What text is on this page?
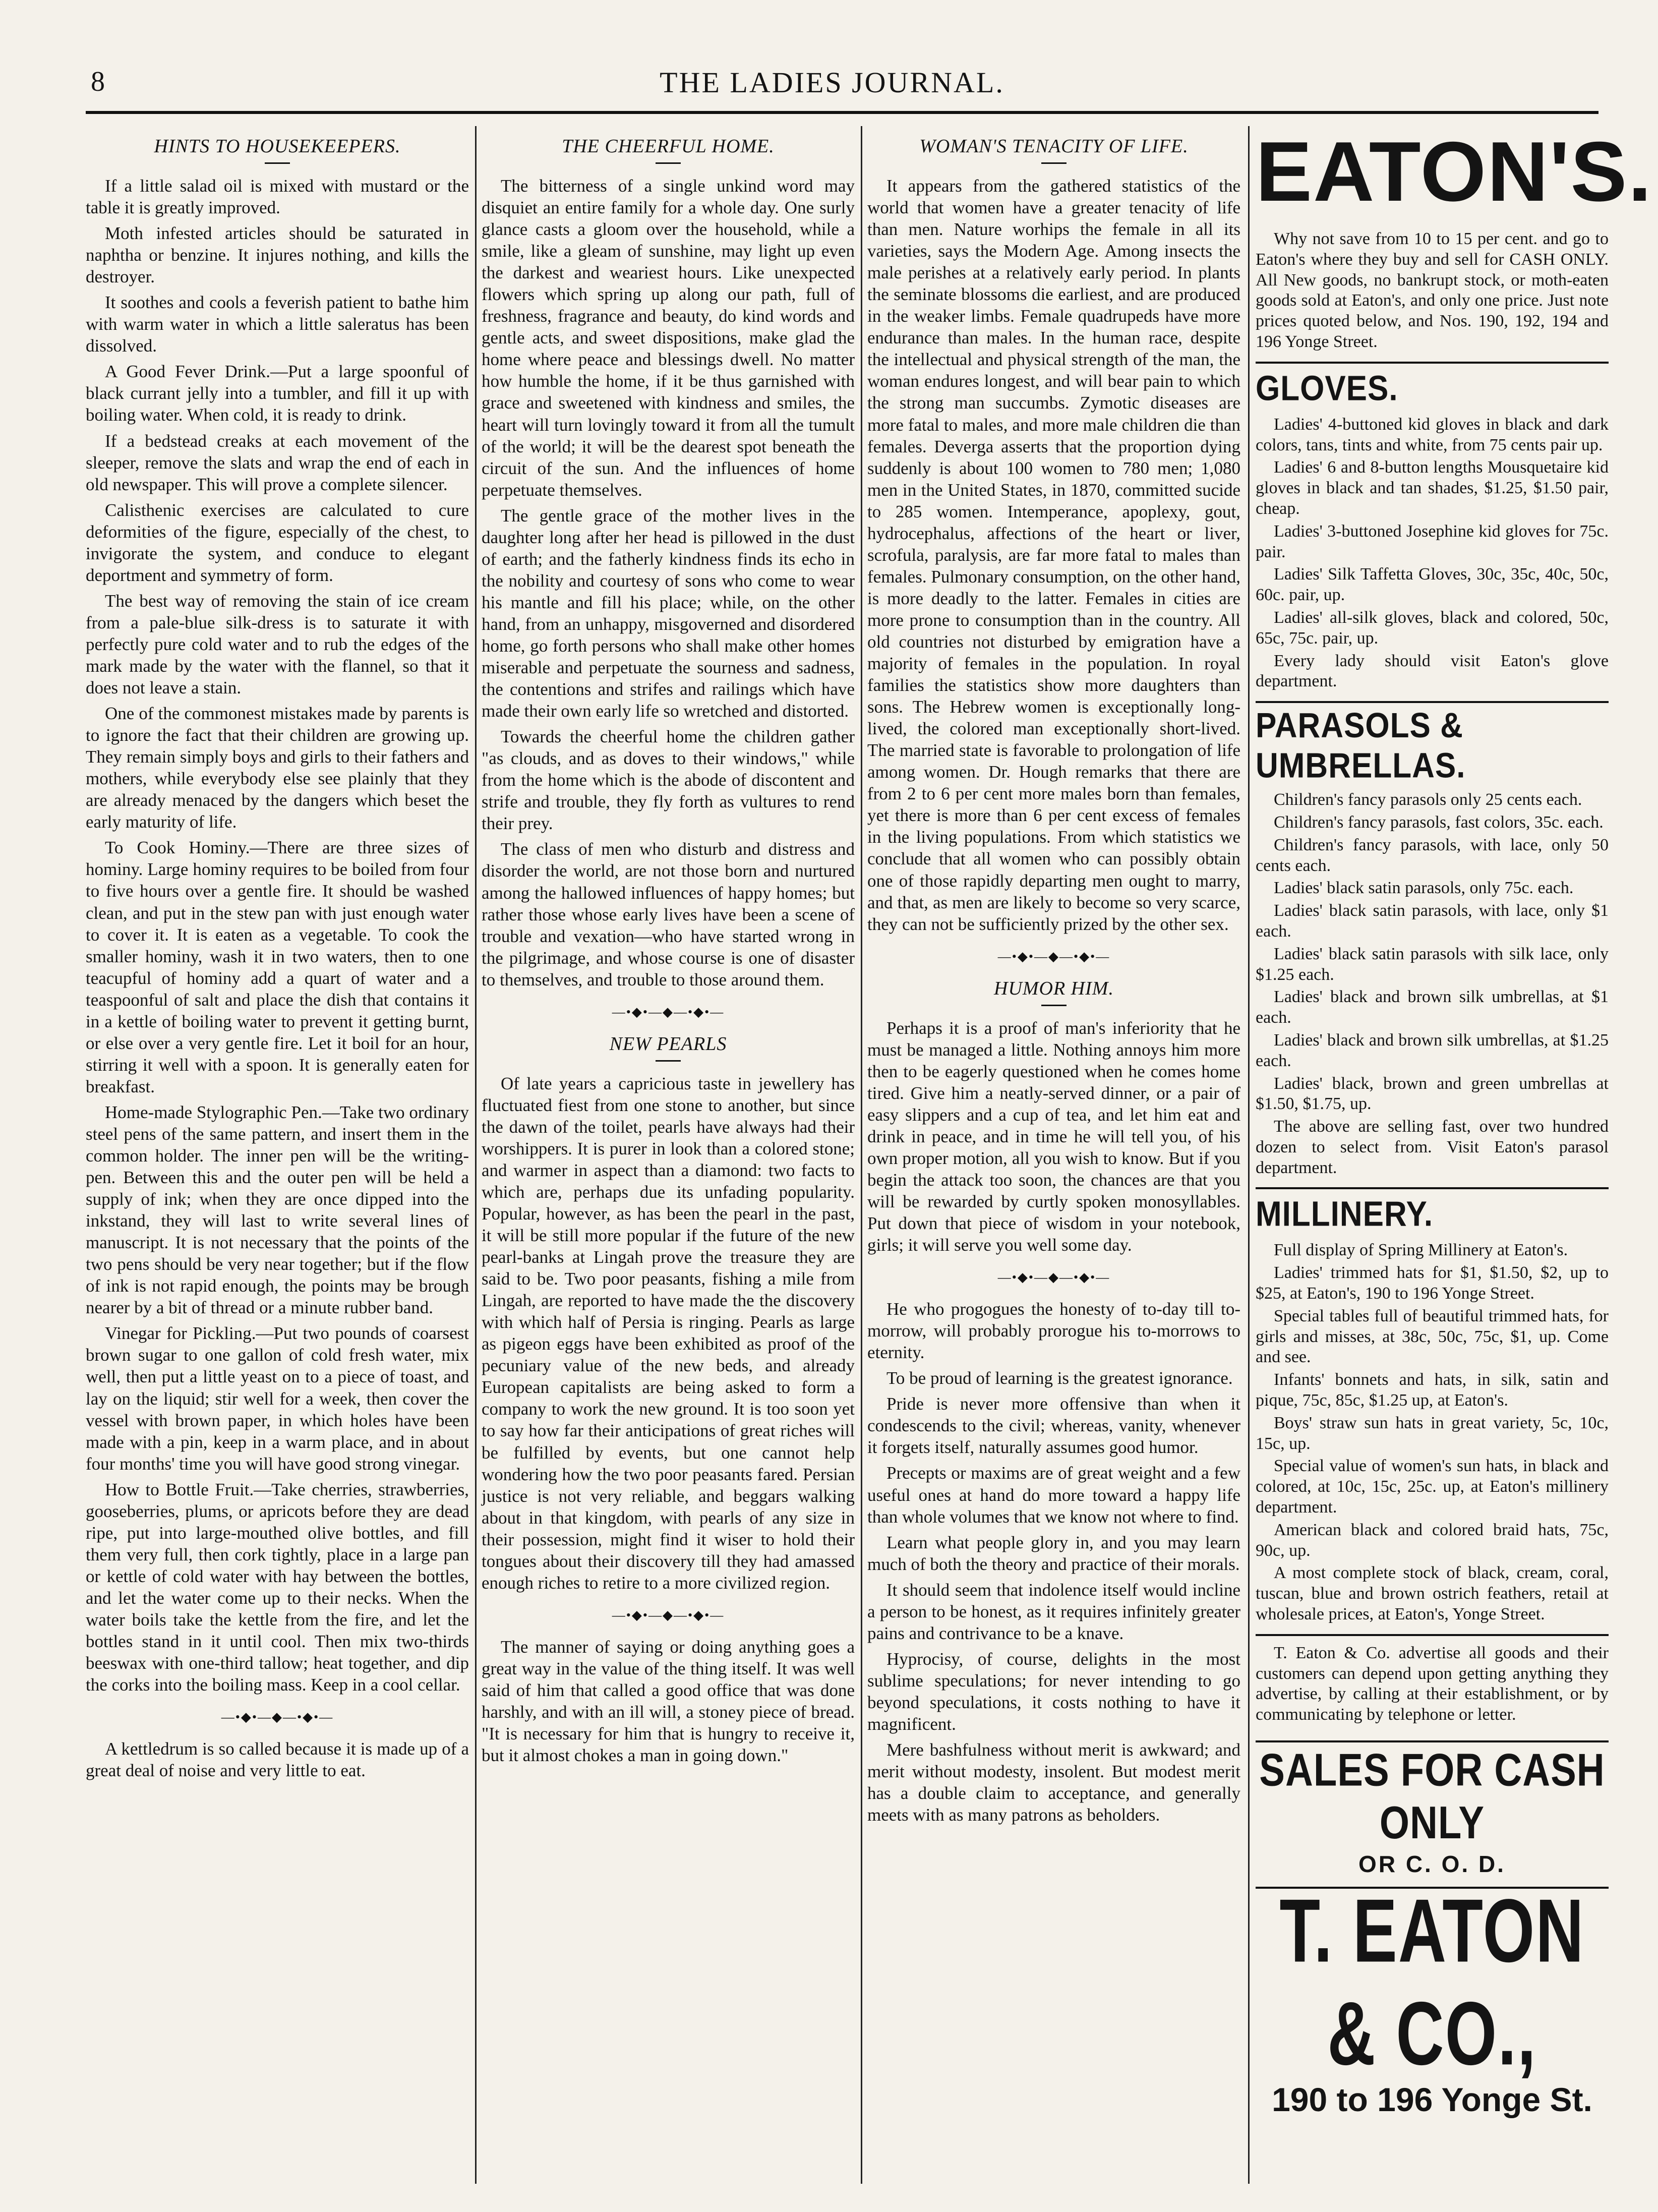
8	THE LADIES JOURNAL.
HINTS TO HOUSEKEEPERS.

If a little salad oil is mixed with mustard or the table it is greatly improved.

Moth infested articles should be saturated in naphtha or benzine. It injures nothing, and kills the destroyer.

It soothes and cools a feverish patient to bathe him with warm water in which a little saleratus has been dissolved.

A Good Fever Drink.—Put a large spoonful of black currant jelly into a tumbler, and fill it up with boiling water. When cold, it is ready to drink.

If a bedstead creaks at each movement of the sleeper, remove the slats and wrap the end of each in old newspaper. This will prove a complete silencer.

Calisthenic exercises are calculated to cure deformities of the figure, especially of the chest, to invigorate the system, and conduce to elegant deportment and symmetry of form.

The best way of removing the stain of ice cream from a pale-blue silk-dress is to saturate it with perfectly pure cold water and to rub the edges of the mark made by the water with the flannel, so that it does not leave a stain.

One of the commonest mistakes made by parents is to ignore the fact that their children are growing up. They remain simply boys and girls to their fathers and mothers, while everybody else see plainly that they are already menaced by the dangers which beset the early maturity of life.

To Cook Hominy.—There are three sizes of hominy. Large hominy requires to be boiled from four to five hours over a gentle fire. It should be washed clean, and put in the stew pan with just enough water to cover it. It is eaten as a vegetable. To cook the smaller hominy, wash it in two waters, then to one teacupful of hominy add a quart of water and a teaspoonful of salt and place the dish that contains it in a kettle of boiling water to prevent it getting burnt, or else over a very gentle fire. Let it boil for an hour, stirring it well with a spoon. It is generally eaten for breakfast.

Home-made Stylographic Pen.—Take two ordinary steel pens of the same pattern, and insert them in the common holder. The inner pen will be the writing-pen. Between this and the outer pen will be held a supply of ink; when they are once dipped into the inkstand, they will last to write several lines of manuscript. It is not necessary that the points of the two pens should be very near together; but if the flow of ink is not rapid enough, the points may be brough nearer by a bit of thread or a minute rubber band.

Vinegar for Pickling.—Put two pounds of coarsest brown sugar to one gallon of cold fresh water, mix well, then put a little yeast on to a piece of toast, and lay on the liquid; stir well for a week, then cover the vessel with brown paper, in which holes have been made with a pin, keep in a warm place, and in about four months' time you will have good strong vinegar.

How to Bottle Fruit.—Take cherries, strawberries, gooseberries, plums, or apricots before they are dead ripe, put into large-mouthed olive bottles, and fill them very full, then cork tightly, place in a large pan or kettle of cold water with hay between the bottles, and let the water come up to their necks. When the water boils take the kettle from the fire, and let the bottles stand in it until cool. Then mix two-thirds beeswax with one-third tallow; heat together, and dip the corks into the boiling mass. Keep in a cool cellar.

—•◆•—◆—•◆•—

A kettledrum is so called because it is made up of a great deal of noise and very little to eat.

THE CHEERFUL HOME.

The bitterness of a single unkind word may disquiet an entire family for a whole day. One surly glance casts a gloom over the household, while a smile, like a gleam of sunshine, may light up even the darkest and weariest hours. Like unexpected flowers which spring up along our path, full of freshness, fragrance and beauty, do kind words and gentle acts, and sweet dispositions, make glad the home where peace and blessings dwell. No matter how humble the home, if it be thus garnished with grace and sweetened with kindness and smiles, the heart will turn lovingly toward it from all the tumult of the world; it will be the dearest spot beneath the circuit of the sun. And the influences of home perpetuate themselves.

The gentle grace of the mother lives in the daughter long after her head is pillowed in the dust of earth; and the fatherly kindness finds its echo in the nobility and courtesy of sons who come to wear his mantle and fill his place; while, on the other hand, from an unhappy, misgoverned and disordered home, go forth persons who shall make other homes miserable and perpetuate the sourness and sadness, the contentions and strifes and railings which have made their own early life so wretched and distorted.

Towards the cheerful home the children gather "as clouds, and as doves to their windows," while from the home which is the abode of discontent and strife and trouble, they fly forth as vultures to rend their prey.

The class of men who disturb and distress and disorder the world, are not those born and nurtured among the hallowed influences of happy homes; but rather those whose early lives have been a scene of trouble and vexation—who have started wrong in the pilgrimage, and whose course is one of disaster to themselves, and trouble to those around them.

—•◆•—◆—•◆•—
NEW PEARLS

Of late years a capricious taste in jewellery has fluctuated fiest from one stone to another, but since the dawn of the toilet, pearls have always had their worshippers. It is purer in look than a colored stone; and warmer in aspect than a diamond: two facts to which are, perhaps due its unfading popularity. Popular, however, as has been the pearl in the past, it will be still more popular if the future of the new pearl-banks at Lingah prove the treasure they are said to be. Two poor peasants, fishing a mile from Lingah, are reported to have made the the discovery with which half of Persia is ringing. Pearls as large as pigeon eggs have been exhibited as proof of the pecuniary value of the new beds, and already European capitalists are being asked to form a company to work the new ground. It is too soon yet to say how far their anticipations of great riches will be fulfilled by events, but one cannot help wondering how the two poor peasants fared. Persian justice is not very reliable, and beggars walking about in that kingdom, with pearls of any size in their possession, might find it wiser to hold their tongues about their discovery till they had amassed enough riches to retire to a more civilized region.

—•◆•—◆—•◆•—

The manner of saying or doing anything goes a great way in the value of the thing itself. It was well said of him that called a good office that was done harshly, and with an ill will, a stoney piece of bread. "It is necessary for him that is hungry to receive it, but it almost chokes a man in going down."

WOMAN'S TENACITY OF LIFE.

It appears from the gathered statistics of the world that women have a greater tenacity of life than men. Nature worhips the female in all its varieties, says the Modern Age. Among insects the male perishes at a relatively early period. In plants the seminate blossoms die earliest, and are produced in the weaker limbs. Female quadrupeds have more endurance than males. In the human race, despite the intellectual and physical strength of the man, the woman endures longest, and will bear pain to which the strong man succumbs. Zymotic diseases are more fatal to males, and more male children die than females. Deverga asserts that the proportion dying suddenly is about 100 women to 780 men; 1,080 men in the United States, in 1870, committed sucide to 285 women. Intemperance, apoplexy, gout, hydrocephalus, affections of the heart or liver, scrofula, paralysis, are far more fatal to males than females. Pulmonary consumption, on the other hand, is more deadly to the latter. Females in cities are more prone to consumption than in the country. All old countries not disturbed by emigration have a majority of females in the population. In royal families the statistics show more daughters than sons. The Hebrew women is exceptionally long-lived, the colored man exceptionally short-lived. The married state is favorable to prolongation of life among women. Dr. Hough remarks that there are from 2 to 6 per cent more males born than females, yet there is more than 6 per cent excess of females in the living populations. From which statistics we conclude that all women who can possibly obtain one of those rapidly departing men ought to marry, and that, as men are likely to become so very scarce, they can not be sufficiently prized by the other sex.

—•◆•—◆—•◆•—
HUMOR HIM.

Perhaps it is a proof of man's inferiority that he must be managed a little. Nothing annoys him more then to be eagerly questioned when he comes home tired. Give him a neatly-served dinner, or a pair of easy slippers and a cup of tea, and let him eat and drink in peace, and in time he will tell you, of his own proper motion, all you wish to know. But if you begin the attack too soon, the chances are that you will be rewarded by curtly spoken monosyllables. Put down that piece of wisdom in your notebook, girls; it will serve you well some day.

—•◆•—◆—•◆•—

He who progogues the honesty of to-day till to-morrow, will probably prorogue his to-morrows to eternity.

To be proud of learning is the greatest ignorance.

Pride is never more offensive than when it condescends to the civil; whereas, vanity, whenever it forgets itself, naturally assumes good humor.

Precepts or maxims are of great weight and a few useful ones at hand do more toward a happy life than whole volumes that we know not where to find.

Learn what people glory in, and you may learn much of both the theory and practice of their morals.

It should seem that indolence itself would incline a person to be honest, as it requires infinitely greater pains and contrivance to be a knave.

Hyprocisy, of course, delights in the most sublime speculations; for never intending to go beyond speculations, it costs nothing to have it magnificent.

Mere bashfulness without merit is awkward; and merit without modesty, insolent. But modest merit has a double claim to acceptance, and generally meets with as many patrons as beholders.

EATON'S.

Why not save from 10 to 15 per cent. and go to Eaton's where they buy and sell for CASH ONLY. All New goods, no bankrupt stock, or moth-eaten goods sold at Eaton's, and only one price. Just note prices quoted below, and Nos. 190, 192, 194 and 196 Yonge Street.

GLOVES.

Ladies' 4-buttoned kid gloves in black and dark colors, tans, tints and white, from 75 cents pair up.

Ladies' 6 and 8-button lengths Mousquetaire kid gloves in black and tan shades, $1.25, $1.50 pair, cheap.

Ladies' 3-buttoned Josephine kid gloves for 75c. pair.

Ladies' Silk Taffetta Gloves, 30c, 35c, 40c, 50c, 60c. pair, up.

Ladies' all-silk gloves, black and colored, 50c, 65c, 75c. pair, up.

Every lady should visit Eaton's glove department.

PARASOLS & UMBRELLAS.

Children's fancy parasols only 25 cents each.

Children's fancy parasols, fast colors, 35c. each.

Children's fancy parasols, with lace, only 50 cents each.

Ladies' black satin parasols, only 75c. each.

Ladies' black satin parasols, with lace, only $1 each.

Ladies' black satin parasols with silk lace, only $1.25 each.

Ladies' black and brown silk umbrellas, at $1 each.

Ladies' black and brown silk umbrellas, at $1.25 each.

Ladies' black, brown and green umbrellas at $1.50, $1.75, up.

The above are selling fast, over two hundred dozen to select from. Visit Eaton's parasol department.

MILLINERY.

Full display of Spring Millinery at Eaton's.

Ladies' trimmed hats for $1, $1.50, $2, up to $25, at Eaton's, 190 to 196 Yonge Street.

Special tables full of beautiful trimmed hats, for girls and misses, at 38c, 50c, 75c, $1, up. Come and see.

Infants' bonnets and hats, in silk, satin and pique, 75c, 85c, $1.25 up, at Eaton's.

Boys' straw sun hats in great variety, 5c, 10c, 15c, up.

Special value of women's sun hats, in black and colored, at 10c, 15c, 25c. up, at Eaton's millinery department.

American black and colored braid hats, 75c, 90c, up.

A most complete stock of black, cream, coral, tuscan, blue and brown ostrich feathers, retail at wholesale prices, at Eaton's, Yonge Street.

T. Eaton & Co. advertise all goods and their customers can depend upon getting anything they advertise, by calling at their establishment, or by communicating by telephone or letter.

SALES FOR CASH ONLY
OR C. O. D.
T. EATON & CO.,
190 to 196 Yonge St.
